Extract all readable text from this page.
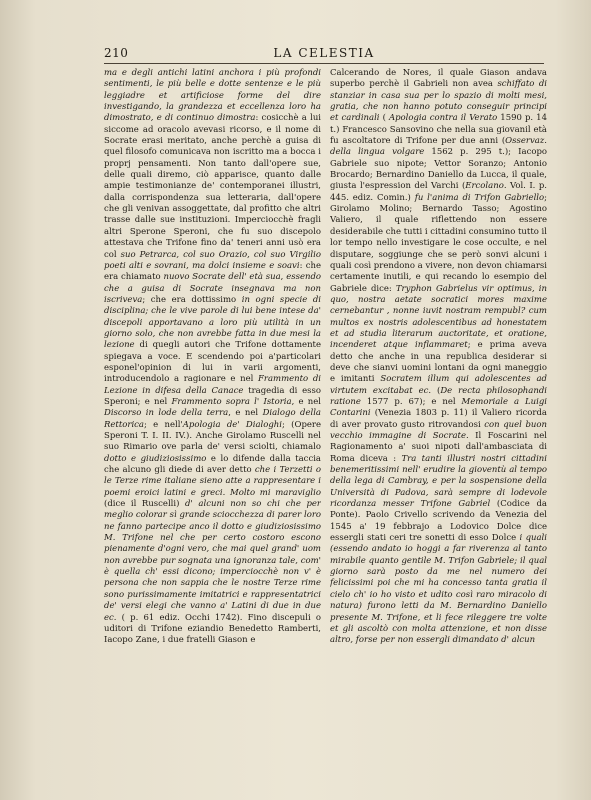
210	LA CELESTIA

ma e degli antichi latini anchora i più profondi sentimenti, le più belle e dotte sentenze e le più leggiadre et artificiose forme del dire investigando, la grandezza et eccellenza loro ha dimostrato, e di continuo dimostra: cosicchè a lui siccome ad oracolo avevasi ricorso, e il nome di Socrate erasi meritato, anche perchè a guisa di quel filosofo comunicava non iscritto ma a bocca i proprj pensamenti. Non tanto dall'opere sue, delle quali diremo, ciò apparisce, quanto dalle ampie testimonianze de' contemporanei illustri, dalla corrispondenza sua letteraria, dall'opere che gli venivan assoggettate, dal profitto che altri trasse dalle sue instituzioni. Imperciocchè fragli altri Sperone Speroni, che fu suo discepolo attestava che Trifone fino da' teneri anni usò era col suo Petrarca, col suo Orazio, col suo Virgilio poeti alti e sovrani, ma dolci insieme e soavi: che era chiamato nuovo Socrate dell' età sua, essendo che a guisa di Socrate insegnava ma non iscriveva; che era dottissimo in ogni specie di disciplina; che le vive parole di lui bene intese da' discepoli apportavano a loro più utilità in un giorno solo, che non avrebbe fatta in due mesi la lezione di quegli autori che Trifone dottamente spiegava a voce. E scendendo poi a'particolari esponel'opinion di lui in varii argomenti, introducendolo a ragionare e nel Frammento di Lezione in difesa della Canace tragedia di esso Speroni; e nel Frammento sopra l' Istoria, e nel Discorso in lode della terra, e nel Dialogo della Rettorica; e nell'Apologia de' Dialoghi; (Opere Speroni T. I. II. IV.). Anche Girolamo Ruscelli nel suo Rimario ove parla de' versi sciolti, chiamalo dotto e giudiziosissimo e lo difende dalla taccia che alcuno gli diede di aver detto che i Terzetti o le Terze rime italiane sieno atte a rappresentare i poemi eroici latini e greci. Molto mi maraviglio (dice il Ruscelli) d' alcuni non so chi che per meglio colorar sì grande sciocchezza di parer loro ne fanno partecipe anco il dotto e giudiziosissimo M. Trifone nel che per certo costoro escono pienamente d'ogni vero, che mai quel grand' uom non avrebbe pur sognata una ignoranza tale, com' è quella ch' essi dicono; imperciocchè non v' è persona che non sappia che le nostre Terze rime sono purissimamente imitatrici e rappresentatrici de' versi elegi che vanno a' Latini di due in due ec. ( p. 61 ediz. Occhi 1742). Fino discepuli o uditori di Trifone eziandio Benedetto Ramberti, Iacopo Zane, i due fratelli Giason e

Calcerando de Nores, il quale Giason andava superbo perchè il Gabrieli non avea schiffato di stanziar in casa sua per lo spazio di molti mesi, gratia, che non hanno potuto conseguir principi et cardinali ( Apologia contra il Verato 1590 p. 14 t.) Francesco Sansovino che nella sua giovanil età fu ascoltatore di Trifone per due anni (Osservaz. della lingua volgare 1562 p. 295 t.); Iacopo Gabriele suo nipote; Vettor Soranzo; Antonio Brocardo; Bernardino Daniello da Lucca, il quale, giusta l'espression del Varchi (Ercolano. Vol. I. p. 445. ediz. Comin.) fu l'anima di Trifon Gabriello; Girolamo Molino; Bernardo Tasso; Agostino Valiero, il quale riflettendo non essere desiderabile che tutti i cittadini consumino tutto il lor tempo nello investigare le cose occulte, e nel disputare, soggiunge che se però sonvi alcuni i quali così prendono a vivere, non devon chiamarsi certamente inutili, e qui recando lo esempio del Gabriele dice: Tryphon Gabrielus vir optimus, in quo, nostra aetate socratici mores maxime cernebantur , nonne iuvit nostram rempubl? cum multos ex nostris adolescentibus ad honestatem et ad studia literarum auctoritate, et oratione, incenderet atque inflammaret; e prima aveva detto che anche in una republica desiderar si deve che sianvi uomini lontani da ogni maneggio e imitanti Socratem illum qui adolescentes ad virtutem excitabat ec. (De recta philosophandi ratione 1577 p. 67); e nel Memoriale a Luigi Contarini (Venezia 1803 p. 11) il Valiero ricorda di aver provato gusto ritrovandosi con quel buon vecchio immagine di Socrate. Il Foscarini nel Ragionamento a' suoi nipoti dall'ambasciata di Roma diceva : Tra tanti illustri nostri cittadini benemeritissimi nell' erudire la gioventù al tempo della lega di Cambray, e per la sospensione della Università di Padova, sarà sempre di lodevole ricordanza messer Trifone Gabriel (Codice da Ponte). Paolo Crivello scrivendo da Venezia del 1545 a' 19 febbrajo a Lodovico Dolce dice essergli stati ceri tre sonetti di esso Dolce i quali (essendo andato io hoggi a far riverenza al tanto mirabile quanto gentile M. Trifon Gabriele; il qual giorno sarà posto da me nel numero dei felicissimi poi che mi ha concesso tanta gratia il cielo ch' io ho visto et udito così raro miracolo di natura) furono letti da M. Bernardino Daniello presente M. Trifone, et li fece rileggere tre volte et gli ascoltò con molta attenzione, et non disse altro, forse per non essergli dimandato d' alcun
